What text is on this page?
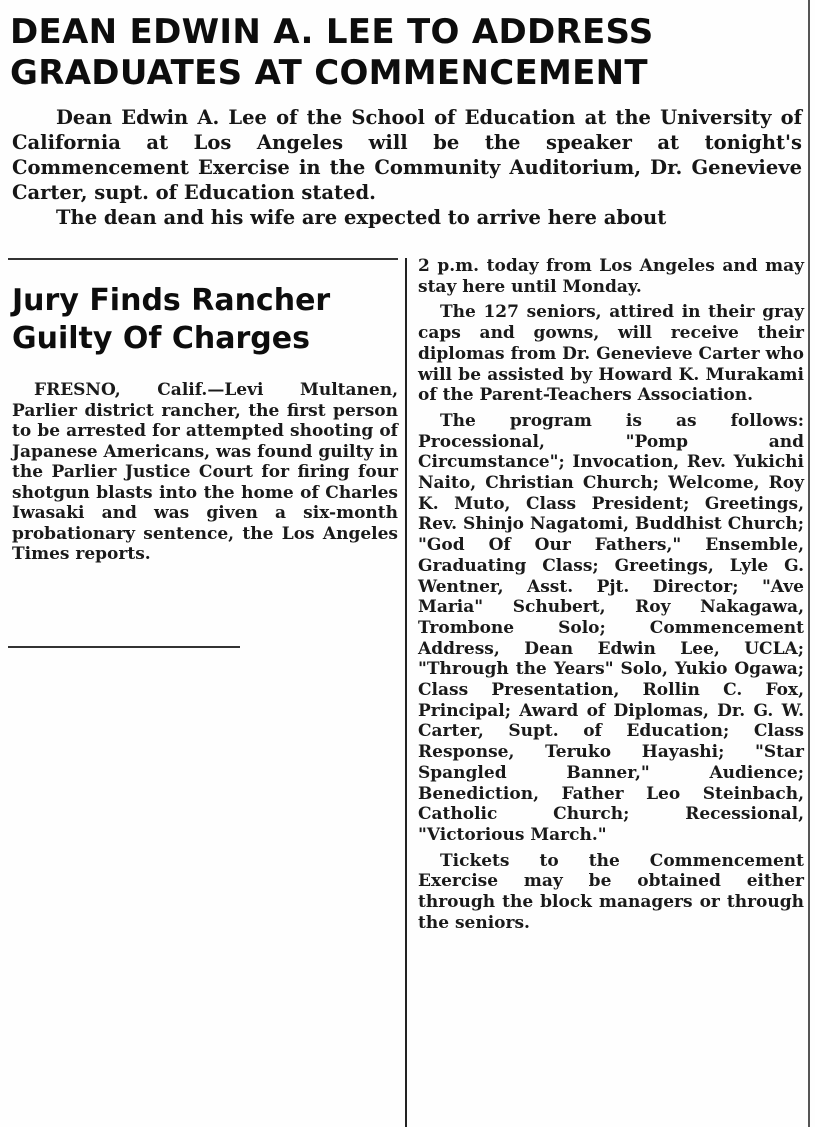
DEAN EDWIN A. LEE TO ADDRESS
GRADUATES AT COMMENCEMENT

Dean Edwin A. Lee of the School of Education at the University of California at Los Angeles will be the speaker at tonight's Commencement Exercise in the Community Auditorium, Dr. Genevieve Carter, supt. of Education stated.

The dean and his wife are expected to arrive here about

Jury Finds Rancher
Guilty Of Charges

FRESNO, Calif.—Levi Multanen, Parlier district rancher, the first person to be arrested for attempted shooting of Japanese Americans, was found guilty in the Parlier Justice Court for firing four shotgun blasts into the home of Charles Iwasaki and was given a six-month probationary sentence, the Los Angeles Times reports.

2 p.m. today from Los Angeles and may stay here until Monday.

The 127 seniors, attired in their gray caps and gowns, will receive their diplomas from Dr. Genevieve Carter who will be assisted by Howard K. Murakami of the Parent-Teachers Association.

The program is as follows: Processional, "Pomp and Circumstance"; Invocation, Rev. Yukichi Naito, Christian Church; Welcome, Roy K. Muto, Class President; Greetings, Rev. Shinjo Nagatomi, Buddhist Church; "God Of Our Fathers," Ensemble, Graduating Class; Greetings, Lyle G. Wentner, Asst. Pjt. Director; "Ave Maria" Schubert, Roy Nakagawa, Trombone Solo; Commencement Address, Dean Edwin Lee, UCLA; "Through the Years" Solo, Yukio Ogawa; Class Presentation, Rollin C. Fox, Principal; Award of Diplomas, Dr. G. W. Carter, Supt. of Education; Class Response, Teruko Hayashi; "Star Spangled Banner," Audience; Benediction, Father Leo Steinbach, Catholic Church; Recessional, "Victorious March."

Tickets to the Commencement Exercise may be obtained either through the block managers or through the seniors.
